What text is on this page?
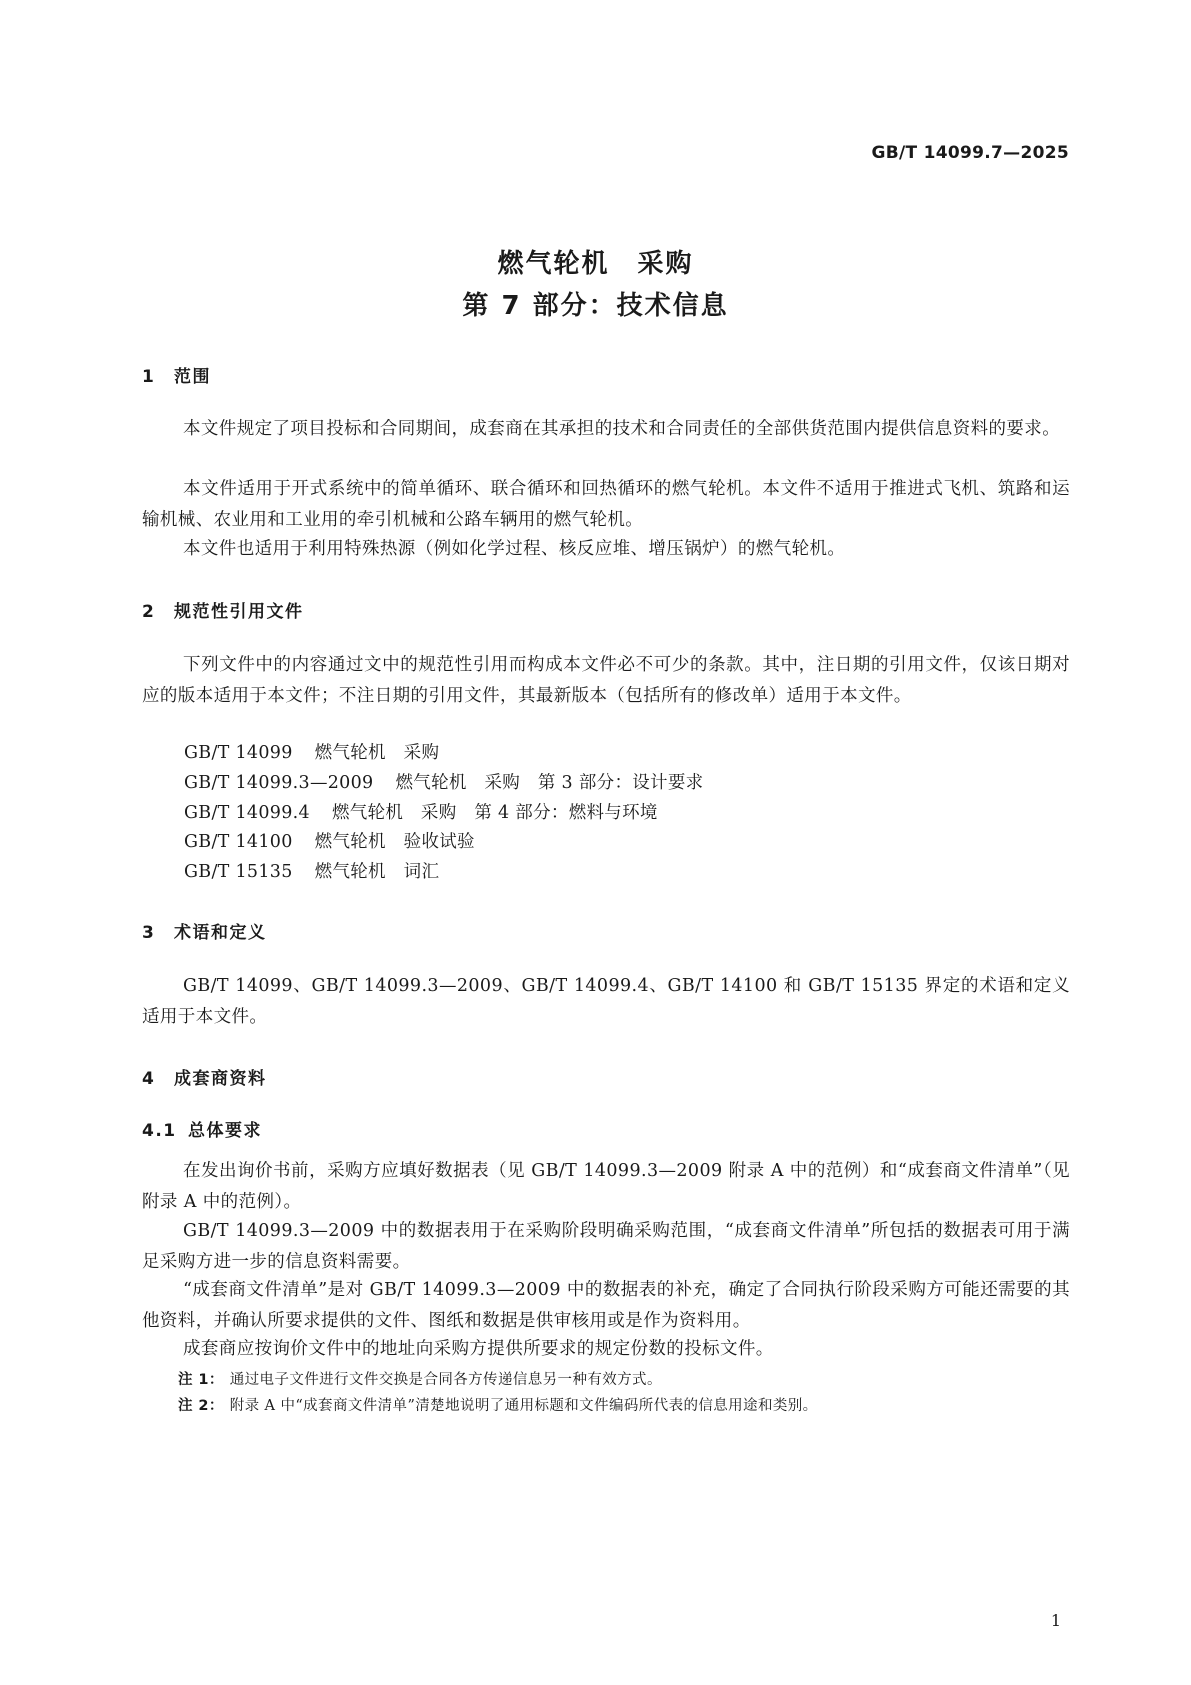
GB/T 14099.7—2025
燃气轮机　采购
第 7 部分：技术信息
1 范围
本文件规定了项目投标和合同期间，成套商在其承担的技术和合同责任的全部供货范围内提供信息资料的要求。
本文件适用于开式系统中的简单循环、联合循环和回热循环的燃气轮机。本文件不适用于推进式飞机、筑路和运输机械、农业用和工业用的牵引机械和公路车辆用的燃气轮机。
本文件也适用于利用特殊热源（例如化学过程、核反应堆、增压锅炉）的燃气轮机。
2 规范性引用文件
下列文件中的内容通过文中的规范性引用而构成本文件必不可少的条款。其中，注日期的引用文件，仅该日期对应的版本适用于本文件；不注日期的引用文件，其最新版本（包括所有的修改单）适用于本文件。
GB/T 14099 燃气轮机　采购
GB/T 14099.3—2009 燃气轮机　采购　第 3 部分：设计要求
GB/T 14099.4 燃气轮机　采购　第 4 部分：燃料与环境
GB/T 14100 燃气轮机　验收试验
GB/T 15135 燃气轮机　词汇
3 术语和定义
GB/T 14099、GB/T 14099.3—2009、GB/T 14099.4、GB/T 14100 和 GB/T 15135 界定的术语和定义适用于本文件。
4 成套商资料
4.1 总体要求
在发出询价书前，采购方应填好数据表（见 GB/T 14099.3—2009 附录 A 中的范例）和“成套商文件清单”（见附录 A 中的范例）。
GB/T 14099.3—2009 中的数据表用于在采购阶段明确采购范围，“成套商文件清单”所包括的数据表可用于满足采购方进一步的信息资料需要。
“成套商文件清单”是对 GB/T 14099.3—2009 中的数据表的补充，确定了合同执行阶段采购方可能还需要的其他资料，并确认所要求提供的文件、图纸和数据是供审核用或是作为资料用。
成套商应按询价文件中的地址向采购方提供所要求的规定份数的投标文件。
注 1： 通过电子文件进行文件交换是合同各方传递信息另一种有效方式。
注 2： 附录 A 中“成套商文件清单”清楚地说明了通用标题和文件编码所代表的信息用途和类别。
1
